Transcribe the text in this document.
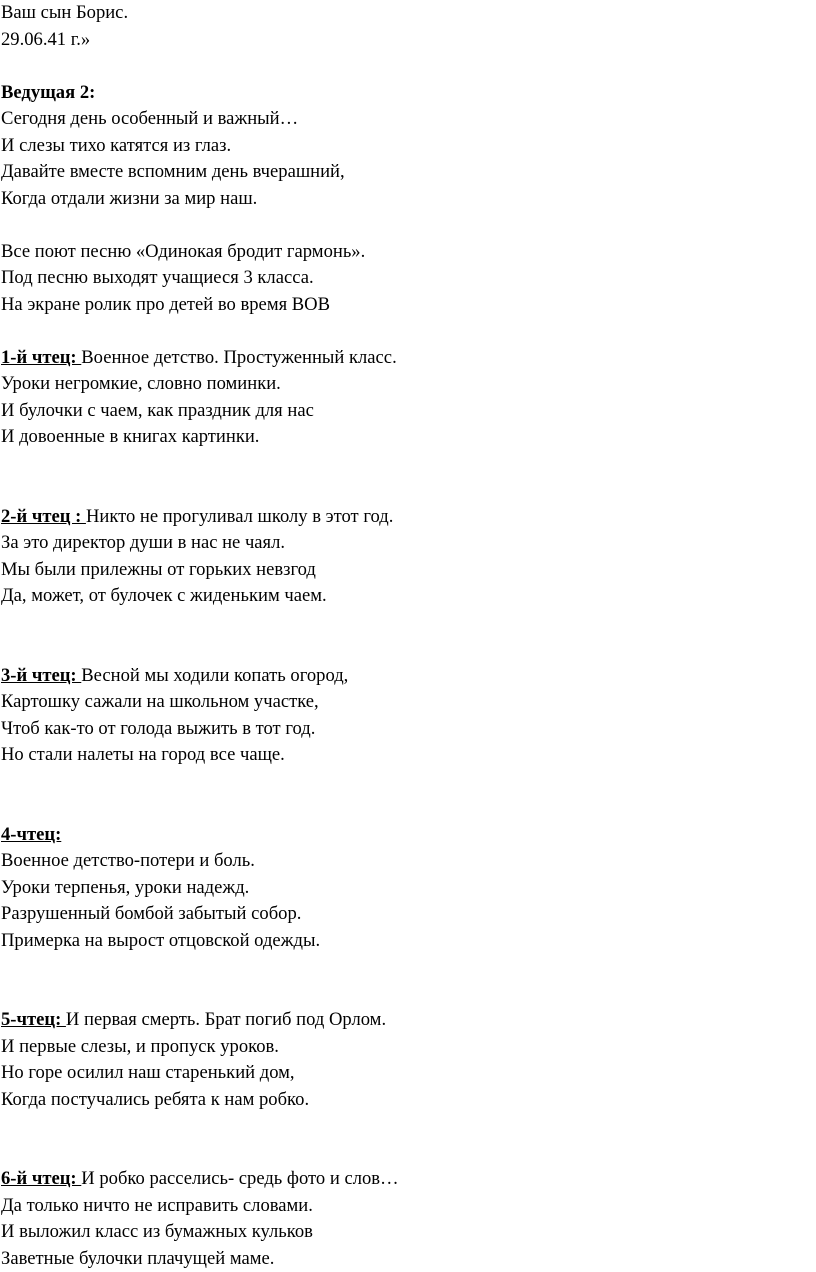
Ваш сын Борис.
29.06.41 г.»
Ведущая 2:
Сегодня день особенный и важный…
И слезы тихо катятся из глаз.
Давайте вместе вспомним день вчерашний,
Когда отдали жизни за мир наш.
Все поют песню «Одинокая бродит гармонь».
Под песню выходят учащиеся 3 класса.
На экране ролик про детей во время ВОВ
1-й чтец: Военное детство. Простуженный класс.
Уроки негромкие, словно поминки.
И булочки с чаем, как праздник для нас
И довоенные в книгах картинки.
2-й чтец : Никто не прогуливал школу в этот год.
За это директор души в нас не чаял.
Мы были прилежны от горьких невзгод
Да, может, от булочек с жиденьким чаем.
3-й чтец: Весной мы ходили копать огород,
Картошку сажали на школьном участке,
Чтоб как-то от голода выжить в тот год.
Но стали налеты на город все чаще.
4-чтец:
Военное детство-потери и боль.
Уроки терпенья, уроки надежд.
Разрушенный бомбой забытый собор.
Примерка на вырост отцовской одежды.
5-чтец: И первая смерть. Брат погиб под Орлом.
И первые слезы, и пропуск уроков.
Но горе осилил наш старенький дом,
Когда постучались ребята к нам робко.
6-й чтец: И робко расселись- средь фото и слов…
Да только ничто не исправить словами.
И выложил класс из бумажных кульков
Заветные булочки плачущей маме.
